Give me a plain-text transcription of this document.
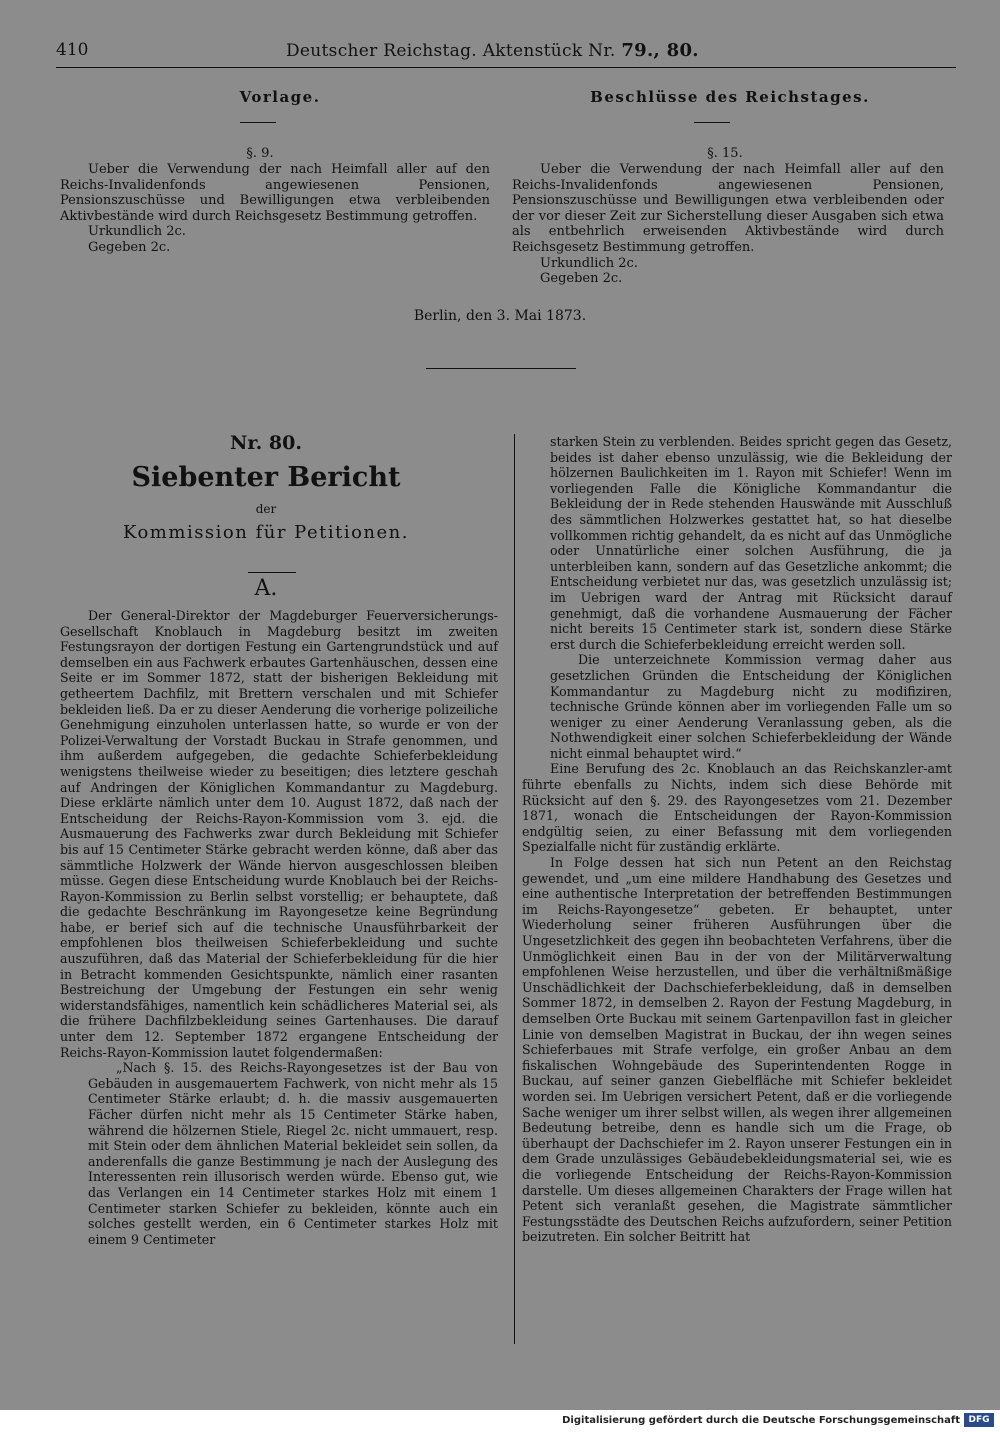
410	Deutscher Reichstag. Aktenstück Nr. 79., 80.
Vorlage.	Beschlüsse des Reichstages.
§. 9.

Ueber die Verwendung der nach Heimfall aller auf den Reichs-Invalidenfonds angewiesenen Pensionen, Pensionszuschüsse und Bewilligungen etwa verbleibenden Aktivbestände wird durch Reichsgesetz Bestimmung getroffen.

Urkundlich 2c.

Gegeben 2c.

§. 15.

Ueber die Verwendung der nach Heimfall aller auf den Reichs-Invalidenfonds angewiesenen Pensionen, Pensionszuschüsse und Bewilligungen etwa verbleibenden oder der vor dieser Zeit zur Sicherstellung dieser Ausgaben sich etwa als entbehrlich erweisenden Aktivbestände wird durch Reichsgesetz Bestimmung getroffen.

Urkundlich 2c.

Gegeben 2c.

Berlin, den 3. Mai 1873.
Nr. 80.
Siebenter Bericht
der
Kommission für Petitionen.
A.

Der General-Direktor der Magdeburger Feuerversicherungs-Gesellschaft Knoblauch in Magdeburg besitzt im zweiten Festungsrayon der dortigen Festung ein Gartengrundstück und auf demselben ein aus Fachwerk erbautes Gartenhäuschen, dessen eine Seite er im Sommer 1872, statt der bisherigen Bekleidung mit getheertem Dachfilz, mit Brettern verschalen und mit Schiefer bekleiden ließ. Da er zu dieser Aenderung die vorherige polizeiliche Genehmigung einzuholen unterlassen hatte, so wurde er von der Polizei-Verwaltung der Vorstadt Buckau in Strafe genommen, und ihm außerdem aufgegeben, die gedachte Schieferbekleidung wenigstens theilweise wieder zu beseitigen; dies letztere geschah auf Andringen der Königlichen Kommandantur zu Magdeburg. Diese erklärte nämlich unter dem 10. August 1872, daß nach der Entscheidung der Reichs-Rayon-Kommission vom 3. ejd. die Ausmauerung des Fachwerks zwar durch Bekleidung mit Schiefer bis auf 15 Centimeter Stärke gebracht werden könne, daß aber das sämmtliche Holzwerk der Wände hiervon ausgeschlossen bleiben müsse. Gegen diese Entscheidung wurde Knoblauch bei der Reichs-Rayon-Kommission zu Berlin selbst vorstellig; er behauptete, daß die gedachte Beschränkung im Rayongesetze keine Begründung habe, er berief sich auf die technische Unausführbarkeit der empfohlenen blos theilweisen Schieferbekleidung und suchte auszuführen, daß das Material der Schieferbekleidung für die hier in Betracht kommenden Gesichtspunkte, nämlich einer rasanten Bestreichung der Umgebung der Festungen ein sehr wenig widerstandsfähiges, namentlich kein schädlicheres Material sei, als die frühere Dachfilzbekleidung seines Gartenhauses. Die darauf unter dem 12. September 1872 ergangene Entscheidung der Reichs-Rayon-Kommission lautet folgendermaßen:

„Nach §. 15. des Reichs-Rayongesetzes ist der Bau von Gebäuden in ausgemauertem Fachwerk, von nicht mehr als 15 Centimeter Stärke erlaubt; d. h. die massiv ausgemauerten Fächer dürfen nicht mehr als 15 Centimeter Stärke haben, während die hölzernen Stiele, Riegel 2c. nicht ummauert, resp. mit Stein oder dem ähnlichen Material bekleidet sein sollen, da anderenfalls die ganze Bestimmung je nach der Auslegung des Interessenten rein illusorisch werden würde. Ebenso gut, wie das Verlangen ein 14 Centimeter starkes Holz mit einem 1 Centimeter starken Schiefer zu bekleiden, könnte auch ein solches gestellt werden, ein 6 Centimeter starkes Holz mit einem 9 Centimeter

starken Stein zu verblenden. Beides spricht gegen das Gesetz, beides ist daher ebenso unzulässig, wie die Bekleidung der hölzernen Baulichkeiten im 1. Rayon mit Schiefer! Wenn im vorliegenden Falle die Königliche Kommandantur die Bekleidung der in Rede stehenden Hauswände mit Ausschluß des sämmtlichen Holzwerkes gestattet hat, so hat dieselbe vollkommen richtig gehandelt, da es nicht auf das Unmögliche oder Unnatürliche einer solchen Ausführung, die ja unterbleiben kann, sondern auf das Gesetzliche ankommt; die Entscheidung verbietet nur das, was gesetzlich unzulässig ist; im Uebrigen ward der Antrag mit Rücksicht darauf genehmigt, daß die vorhandene Ausmauerung der Fächer nicht bereits 15 Centimeter stark ist, sondern diese Stärke erst durch die Schieferbekleidung erreicht werden soll.

Die unterzeichnete Kommission vermag daher aus gesetzlichen Gründen die Entscheidung der Königlichen Kommandantur zu Magdeburg nicht zu modifiziren, technische Gründe können aber im vorliegenden Falle um so weniger zu einer Aenderung Veranlassung geben, als die Nothwendigkeit einer solchen Schieferbekleidung der Wände nicht einmal behauptet wird.“

Eine Berufung des 2c. Knoblauch an das Reichskanzler-amt führte ebenfalls zu Nichts, indem sich diese Behörde mit Rücksicht auf den §. 29. des Rayongesetzes vom 21. Dezember 1871, wonach die Entscheidungen der Rayon-Kommission endgültig seien, zu einer Befassung mit dem vorliegenden Spezialfalle nicht für zuständig erklärte.

In Folge dessen hat sich nun Petent an den Reichstag gewendet, und „um eine mildere Handhabung des Gesetzes und eine authentische Interpretation der betreffenden Bestimmungen im Reichs-Rayongesetze“ gebeten. Er behauptet, unter Wiederholung seiner früheren Ausführungen über die Ungesetzlichkeit des gegen ihn beobachteten Verfahrens, über die Unmöglichkeit einen Bau in der von der Militärverwaltung empfohlenen Weise herzustellen, und über die verhältnißmäßige Unschädlichkeit der Dachschieferbekleidung, daß in demselben Sommer 1872, in demselben 2. Rayon der Festung Magdeburg, in demselben Orte Buckau mit seinem Gartenpavillon fast in gleicher Linie von demselben Magistrat in Buckau, der ihn wegen seines Schieferbaues mit Strafe verfolge, ein großer Anbau an dem fiskalischen Wohngebäude des Superintendenten Rogge in Buckau, auf seiner ganzen Giebelfläche mit Schiefer bekleidet worden sei. Im Uebrigen versichert Petent, daß er die vorliegende Sache weniger um ihrer selbst willen, als wegen ihrer allgemeinen Bedeutung betreibe, denn es handle sich um die Frage, ob überhaupt der Dachschiefer im 2. Rayon unserer Festungen ein in dem Grade unzulässiges Gebäudebekleidungsmaterial sei, wie es die vorliegende Entscheidung der Reichs-Rayon-Kommission darstelle. Um dieses allgemeinen Charakters der Frage willen hat Petent sich veranlaßt gesehen, die Magistrate sämmtlicher Festungsstädte des Deutschen Reichs aufzufordern, seiner Petition beizutreten. Ein solcher Beitritt hat

Digitalisierung gefördert durch die Deutsche Forschungsgemeinschaft DFG
